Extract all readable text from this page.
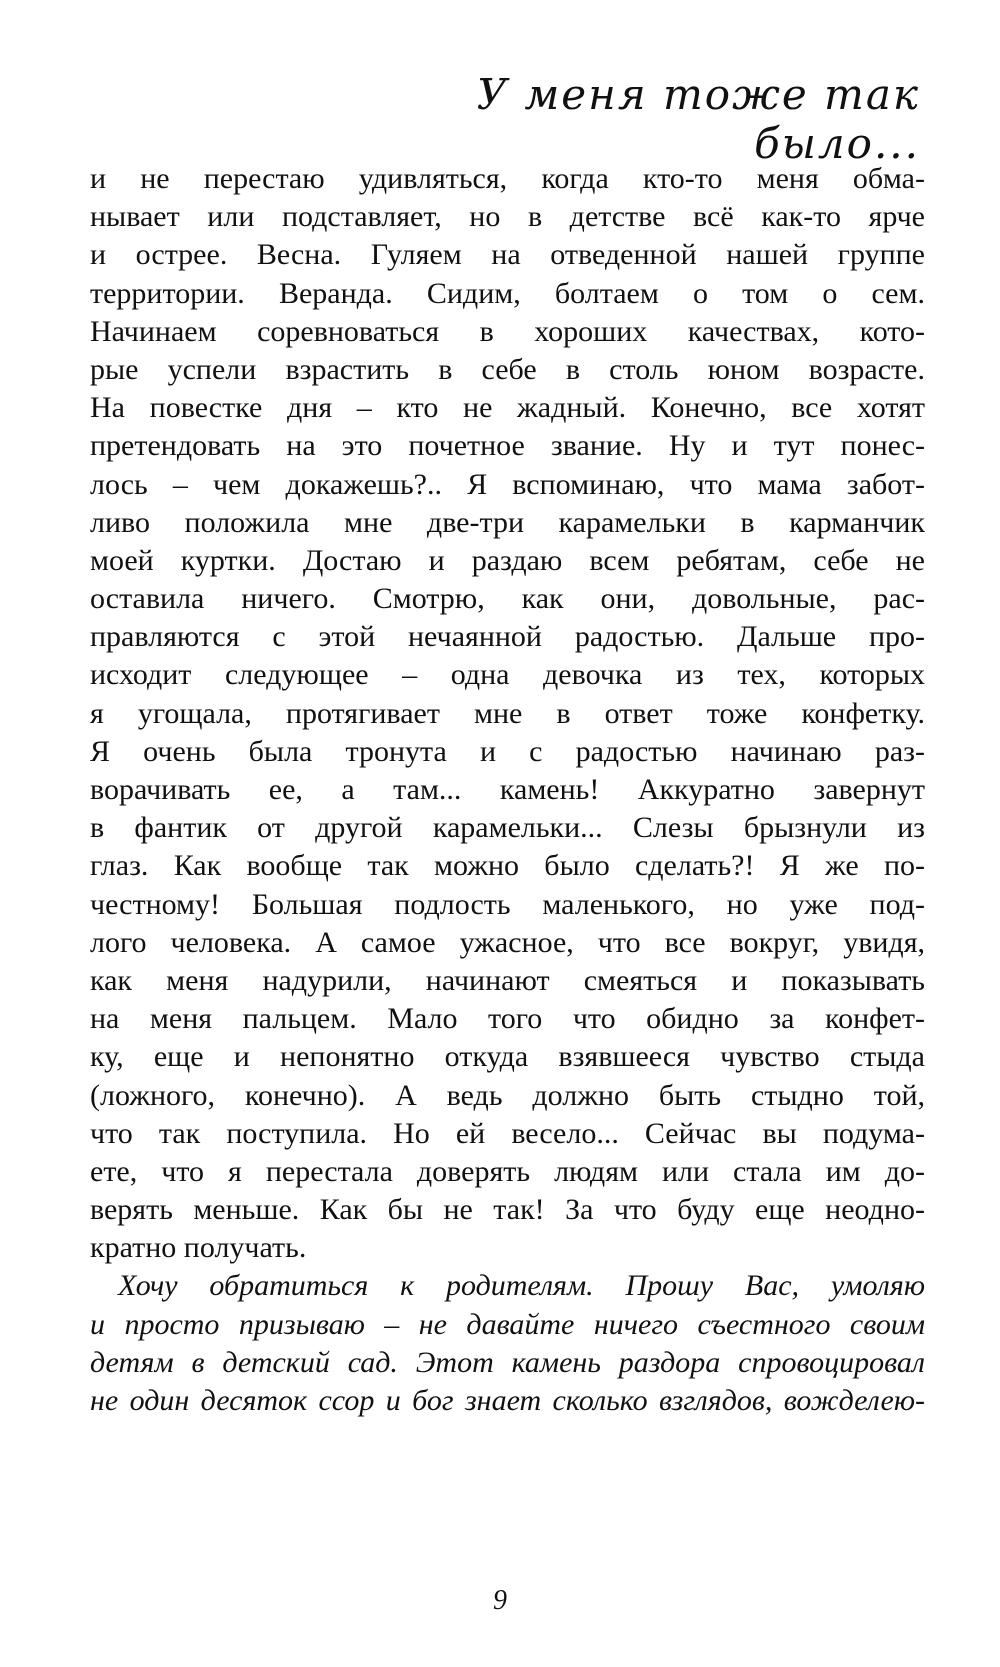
У меня тоже так было...
и не перестаю удивляться, когда кто-то меня обма-
нывает или подставляет, но в детстве всё как-то ярче
и острее. Весна. Гуляем на отведенной нашей группе
территории. Веранда. Сидим, болтаем о том о сем.
Начинаем соревноваться в хороших качествах, кото-
рые успели взрастить в себе в столь юном возрасте.
На повестке дня – кто не жадный. Конечно, все хотят
претендовать на это почетное звание. Ну и тут понес-
лось – чем докажешь?.. Я вспоминаю, что мама забот-
ливо положила мне две-три карамельки в карманчик
моей куртки. Достаю и раздаю всем ребятам, себе не
оставила ничего. Смотрю, как они, довольные, рас-
правляются с этой нечаянной радостью. Дальше про-
исходит следующее – одна девочка из тех, которых
я угощала, протягивает мне в ответ тоже конфетку.
Я очень была тронута и с радостью начинаю раз-
ворачивать ее, а там... камень! Аккуратно завернут
в фантик от другой карамельки... Слезы брызнули из
глаз. Как вообще так можно было сделать?! Я же по-
честному! Большая подлость маленького, но уже под-
лого человека. А самое ужасное, что все вокруг, увидя,
как меня надурили, начинают смеяться и показывать
на меня пальцем. Мало того что обидно за конфет-
ку, еще и непонятно откуда взявшееся чувство стыда
(ложного, конечно). А ведь должно быть стыдно той,
что так поступила. Но ей весело... Сейчас вы подума-
ете, что я перестала доверять людям или стала им до-
верять меньше. Как бы не так! За что буду еще неодно-
кратно получать.
Хочу обратиться к родителям. Прошу Вас, умоляю
и просто призываю – не давайте ничего съестного своим
детям в детский сад. Этот камень раздора спровоцировал
не один десяток ссор и бог знает сколько взглядов, вожделею-
9
